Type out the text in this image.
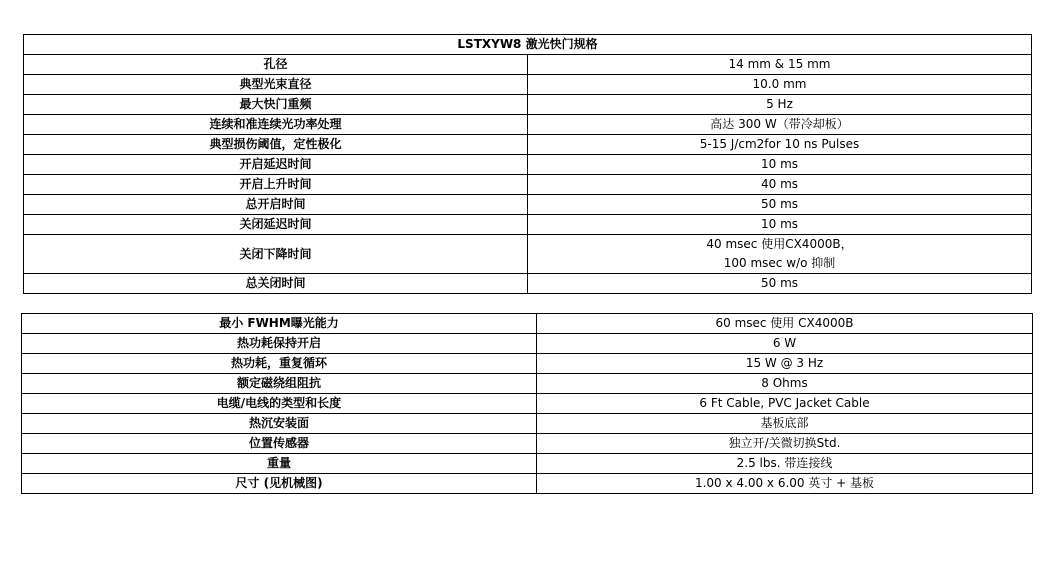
LSTXYW8 激光快门规格	
孔径	14 mm & 15 mm
典型光束直径	10.0 mm
最大快门重频	5 Hz
连续和准连续光功率处理	高达 300 W（带冷却板）
典型损伤阈值，定性极化	5-15 J/cm2for 10 ns Pulses
开启延迟时间	10 ms
开启上升时间	40 ms
总开启时间	50 ms
关闭延迟时间	10 ms
关闭下降时间	40 msec 使用CX4000B，
100 msec w/o 抑制

总关闭时间	50 ms
最小 FWHM曝光能力	60 msec 使用 CX4000B
热功耗保持开启	6 W
热功耗，重复循环	15 W @ 3 Hz
额定磁绕组阻抗	8 Ohms
电缆/电线的类型和长度	6 Ft Cable, PVC Jacket Cable
热沉安装面	基板底部
位置传感器	独立开/关微切换Std.
重量	2.5 lbs. 带连接线
尺寸 (见机械图)	1.00 x 4.00 x 6.00 英寸 + 基板
